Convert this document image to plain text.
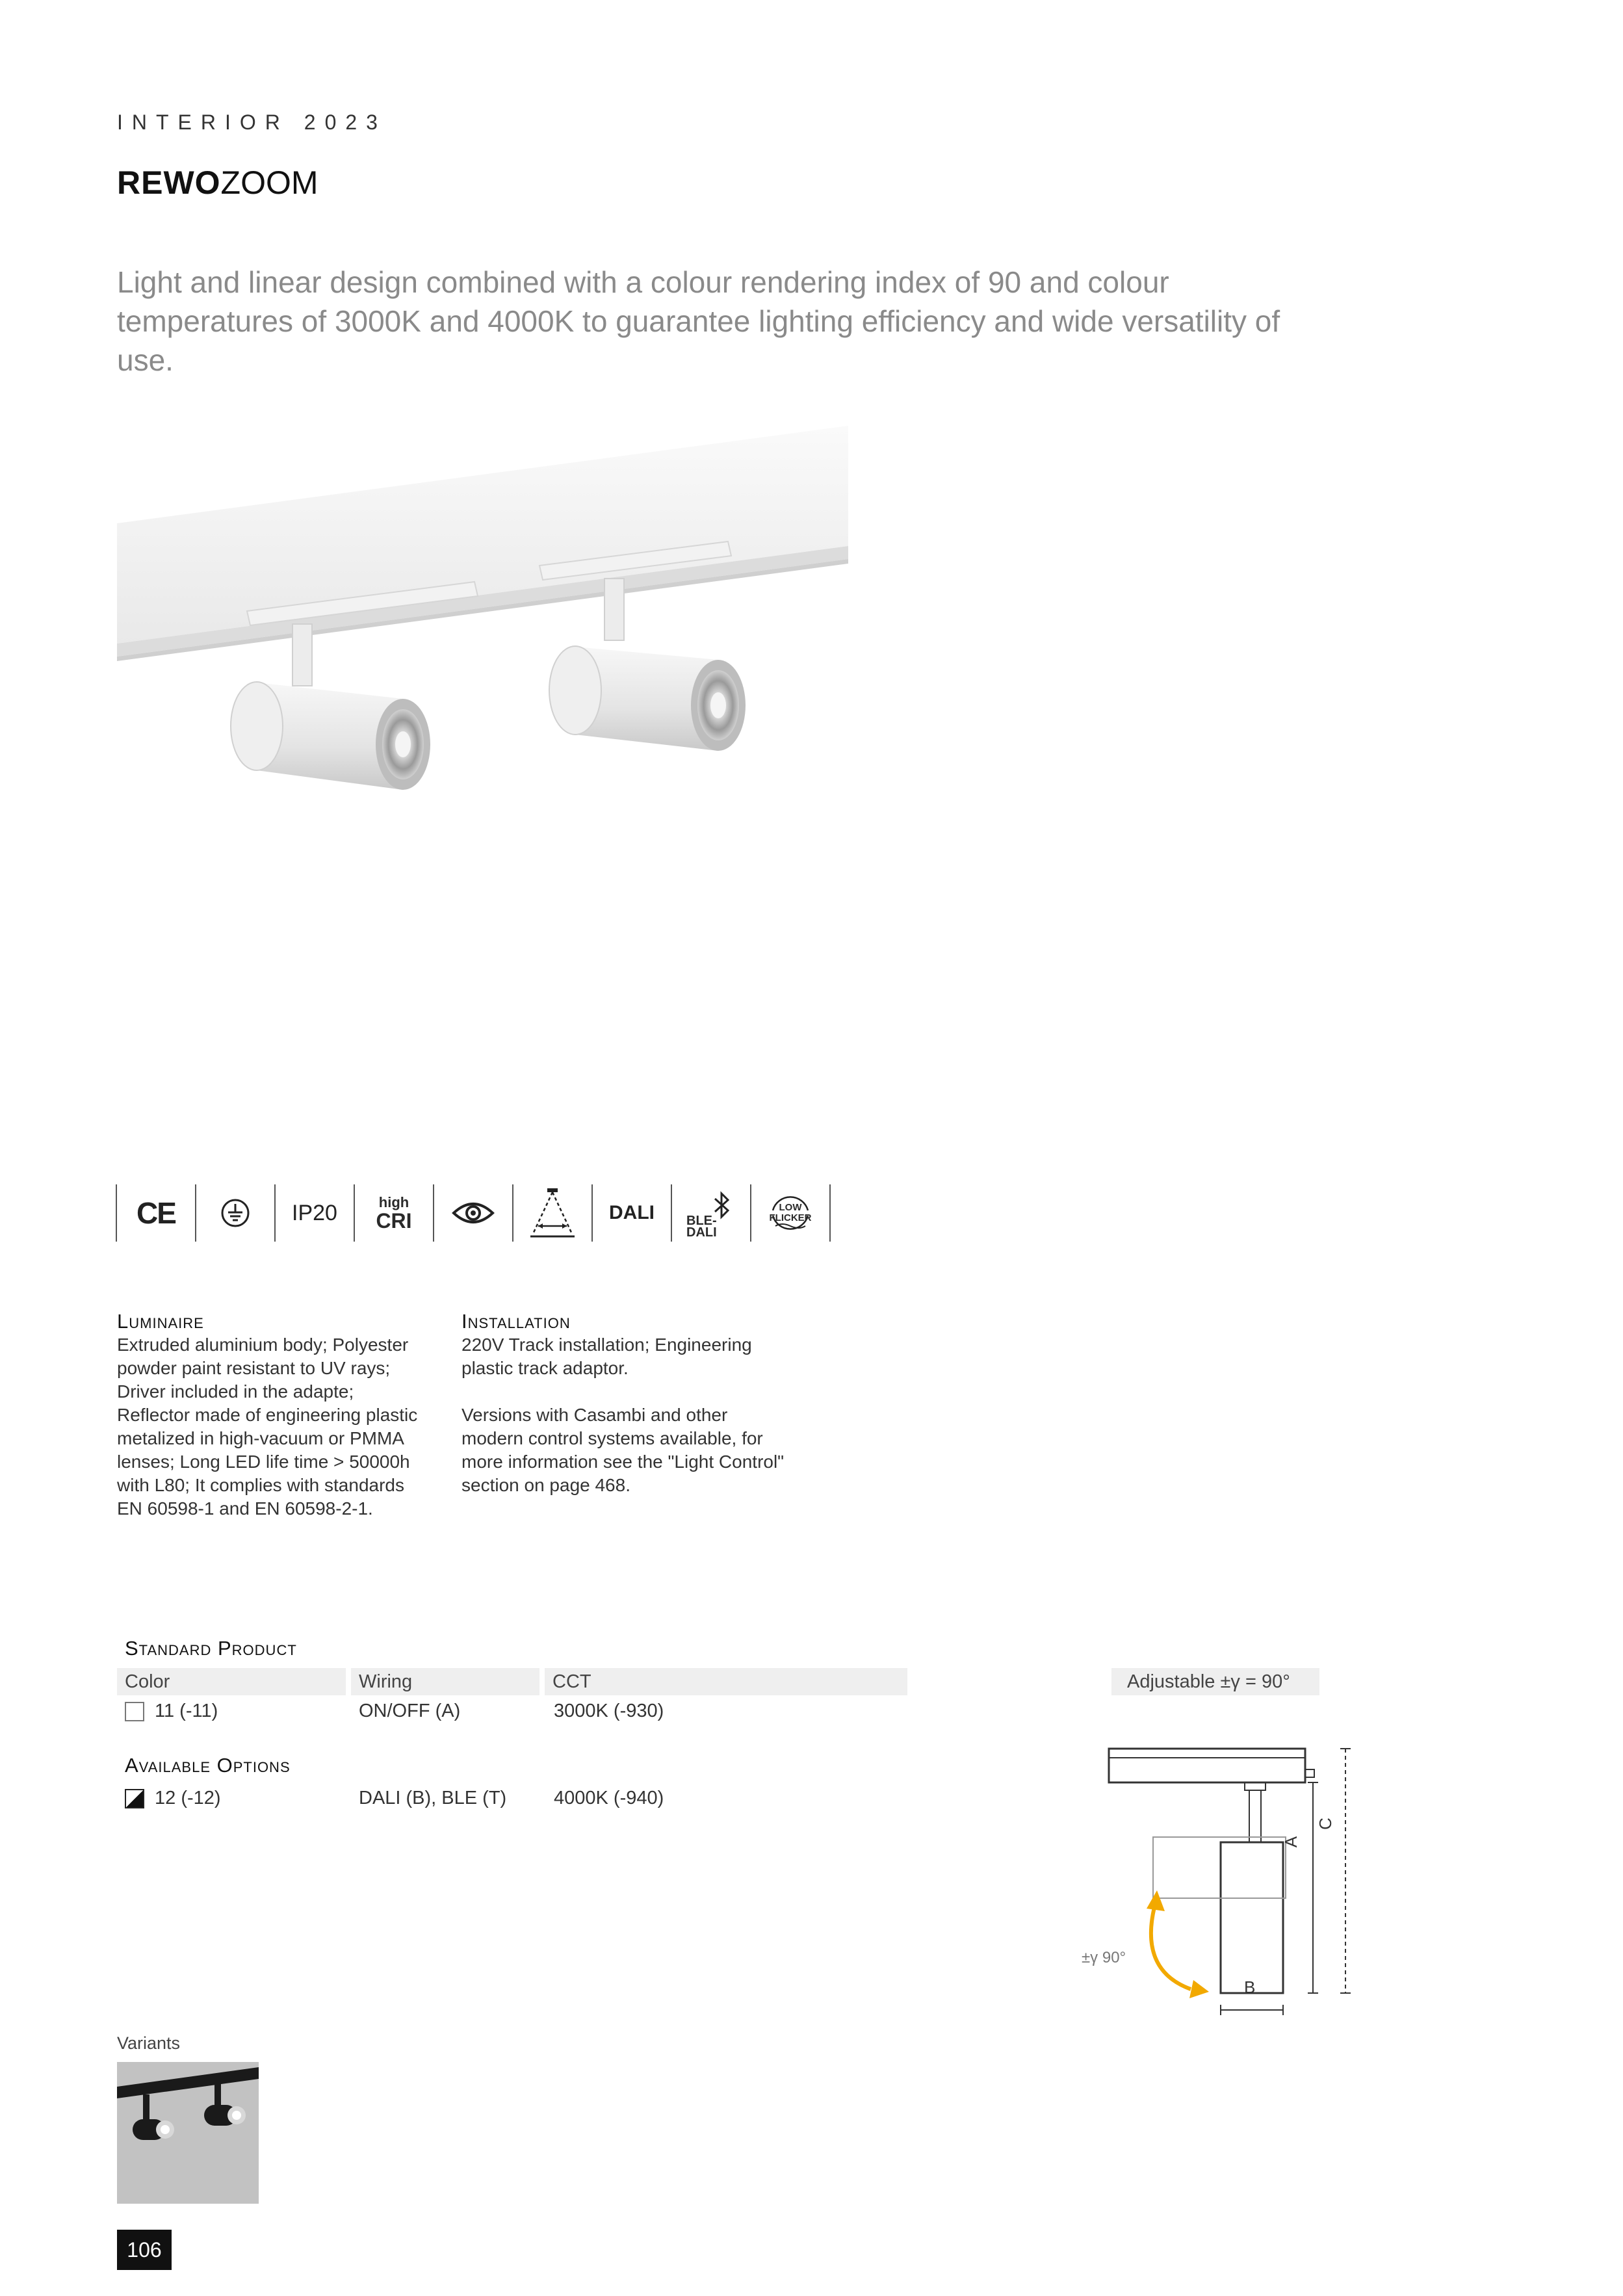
INTERIOR 2023
REWOZOOM
Light and linear design combined with a colour rendering index of 90 and colour temperatures of 3000K and 4000K to guarantee lighting efficiency and wide versatility of use.
CE	IP20	high
CRI	DALI BLE-
DALI
LOW
FLICKER
Luminaire

Extruded aluminium body; Polyester powder paint resistant to UV rays; Driver included in the adapte; Reflector made of engineering plastic metalized in high-vacuum or PMMA lenses; Long LED life time > 50000h with L80; It complies with standards EN 60598-1 and EN 60598-2-1.

Installation

220V Track installation; Engineering plastic track adaptor.

Versions with Casambi and other modern control systems available, for more information see the "Light Control" section on page 468.

Standard Product
Color	Wiring	CCT
11 (-11)	ON/OFF (A)	3000K (-930)
Available Options
12 (-12)	DALI (B), BLE (T)	4000K (-940)
Adjustable ±γ = 90°
A
C
B
±γ 90°
Variants
106
